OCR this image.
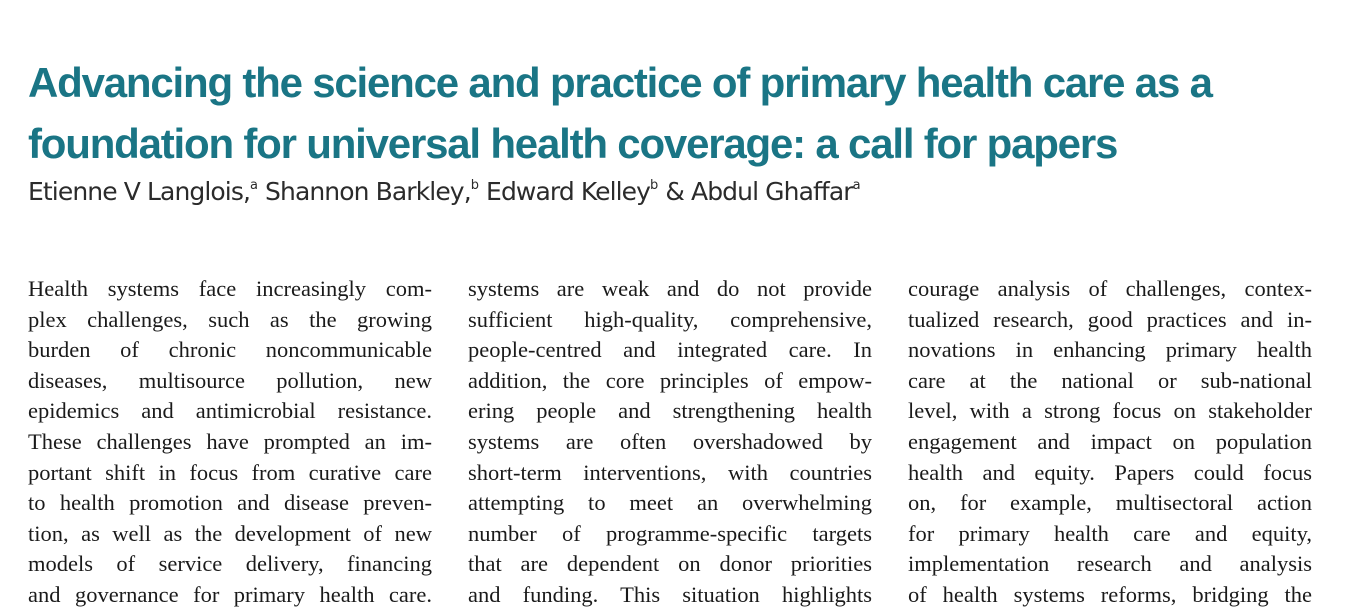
Advancing the science and practice of primary health care as a
foundation for universal health coverage: a call for papers
Etienne V Langlois,$^a$ Shannon Barkley,$^b$ Edward Kelley$^b$ & Abdul Ghaffar$^a$
Health systems face increasingly com-
plex challenges, such as the growing
burden of chronic noncommunicable
diseases, multisource pollution, new
epidemics and antimicrobial resistance.
These challenges have prompted an im-
portant shift in focus from curative care
to health promotion and disease preven-
tion, as well as the development of new
models of service delivery, financing
and governance for primary health care.
systems are weak and do not provide
sufficient high-quality, comprehensive,
people-centred and integrated care. In
addition, the core principles of empow-
ering people and strengthening health
systems are often overshadowed by
short-term interventions, with countries
attempting to meet an overwhelming
number of programme-specific targets
that are dependent on donor priorities
and funding. This situation highlights
courage analysis of challenges, contex-
tualized research, good practices and in-
novations in enhancing primary health
care at the national or sub-national
level, with a strong focus on stakeholder
engagement and impact on population
health and equity. Papers could focus
on, for example, multisectoral action
for primary health care and equity,
implementation research and analysis
of health systems reforms, bridging the
